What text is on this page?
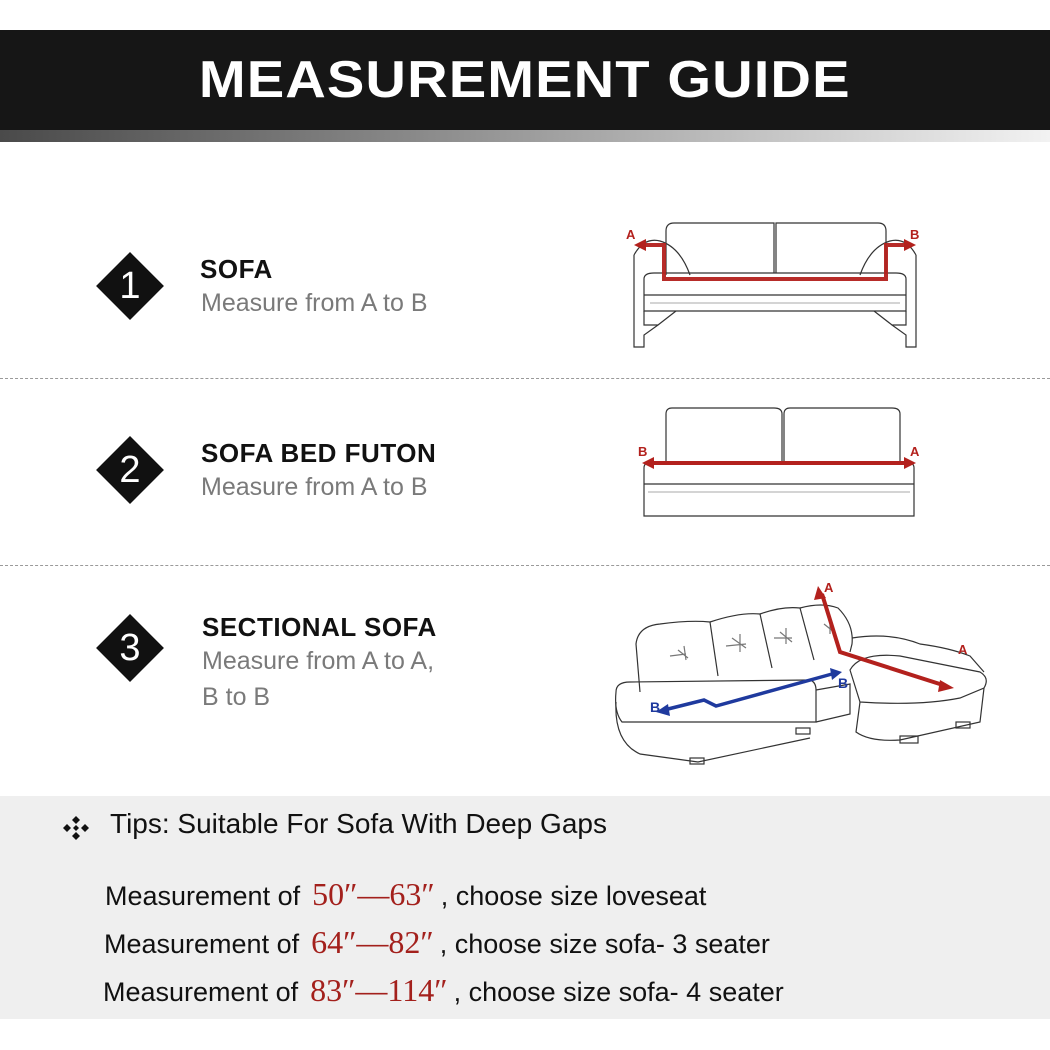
MEASUREMENT GUIDE
1	SOFA
Measure from A to B
A	B
2	SOFA BED FUTON
Measure from A to B
B	A
3	SECTIONAL SOFA
Measure from A to A,
B to B
A
A
B
B
Tips: Suitable For Sofa With Deep Gaps
Measurement of 50″—63″ , choose size loveseat
Measurement of 64″—82″ , choose size sofa- 3 seater
Measurement of 83″—114″ , choose size sofa- 4 seater
